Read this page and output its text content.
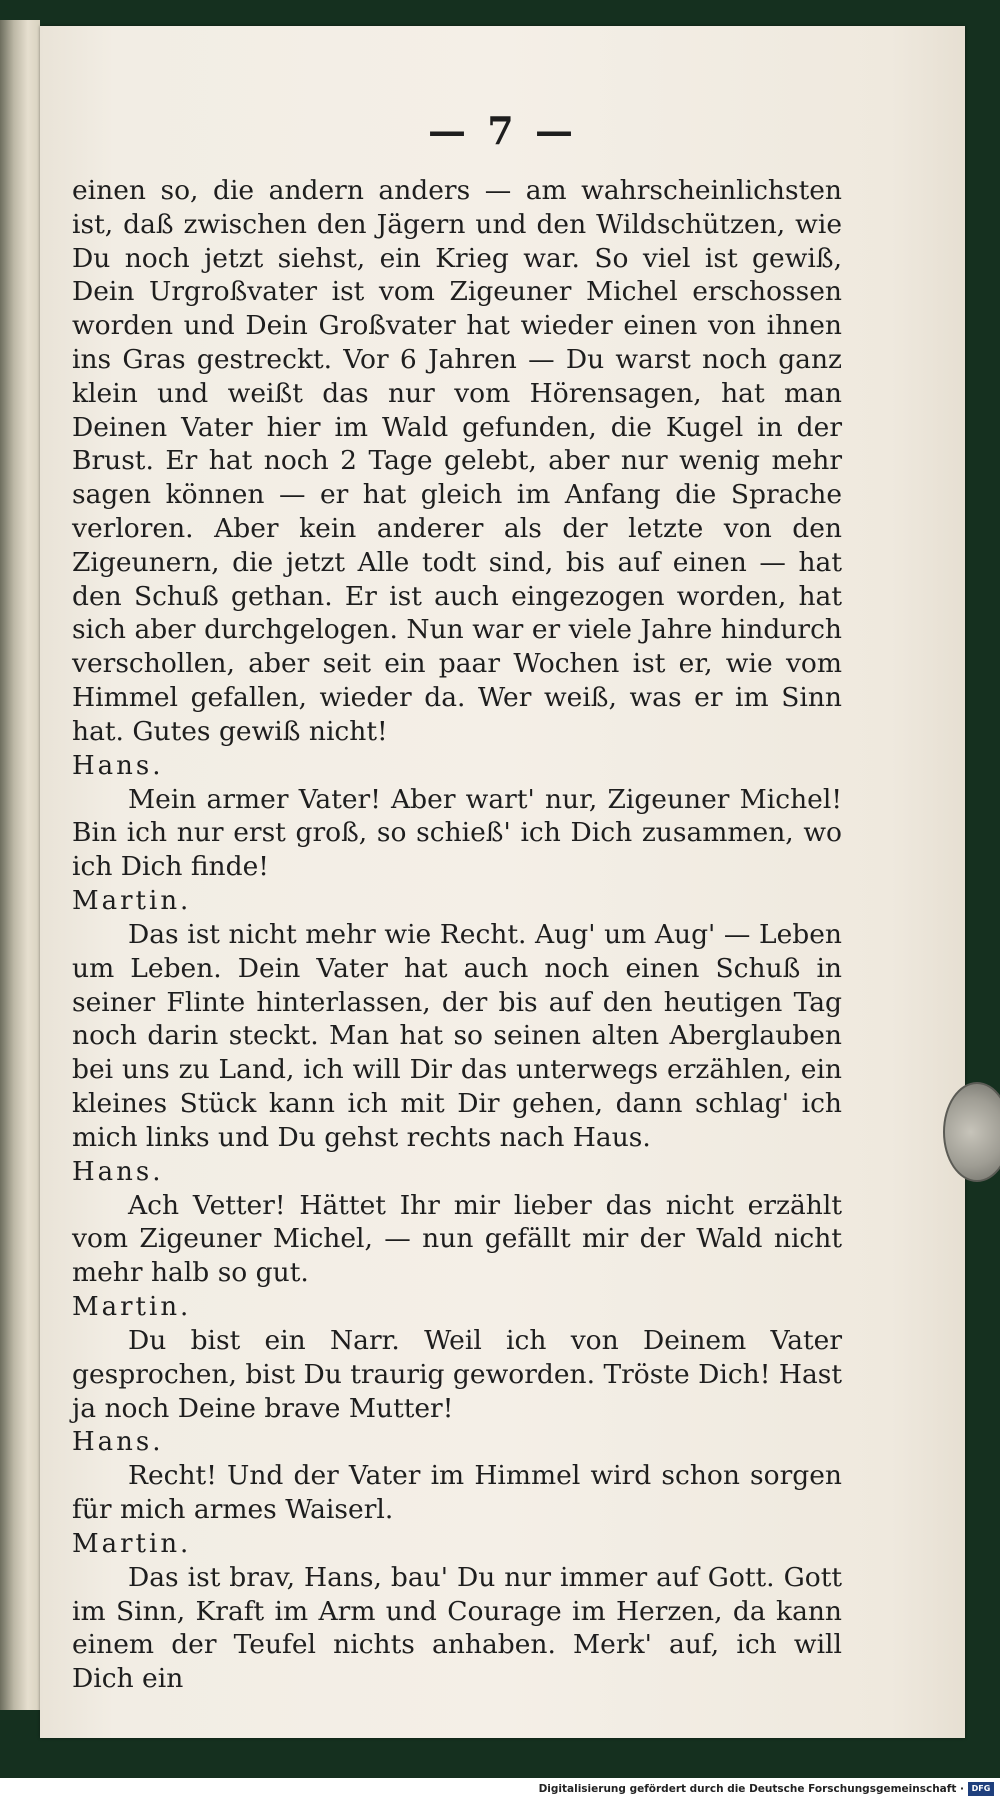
— 7 —

einen so, die andern anders — am wahrscheinlichsten ist, daß zwischen den Jägern und den Wildschützen, wie Du noch jetzt siehst, ein Krieg war. So viel ist gewiß, Dein Urgroßvater ist vom Zigeuner Michel erschossen worden und Dein Großvater hat wieder einen von ihnen ins Gras gestreckt. Vor 6 Jahren — Du warst noch ganz klein und weißt das nur vom Hörensagen, hat man Deinen Vater hier im Wald gefunden, die Kugel in der Brust. Er hat noch 2 Tage gelebt, aber nur wenig mehr sagen können — er hat gleich im Anfang die Sprache verloren. Aber kein anderer als der letzte von den Zigeunern, die jetzt Alle todt sind, bis auf einen — hat den Schuß gethan. Er ist auch eingezogen worden, hat sich aber durchgelogen. Nun war er viele Jahre hindurch verschollen, aber seit ein paar Wochen ist er, wie vom Himmel gefallen, wieder da. Wer weiß, was er im Sinn hat. Gutes gewiß nicht!

Hans.

Mein armer Vater! Aber wart' nur, Zigeuner Michel! Bin ich nur erst groß, so schieß' ich Dich zusammen, wo ich Dich finde!

Martin.

Das ist nicht mehr wie Recht. Aug' um Aug' — Leben um Leben. Dein Vater hat auch noch einen Schuß in seiner Flinte hinterlassen, der bis auf den heutigen Tag noch darin steckt. Man hat so seinen alten Aberglauben bei uns zu Land, ich will Dir das unterwegs erzählen, ein kleines Stück kann ich mit Dir gehen, dann schlag' ich mich links und Du gehst rechts nach Haus.

Hans.

Ach Vetter! Hättet Ihr mir lieber das nicht erzählt vom Zigeuner Michel, — nun gefällt mir der Wald nicht mehr halb so gut.

Martin.

Du bist ein Narr. Weil ich von Deinem Vater gesprochen, bist Du traurig geworden. Tröste Dich! Hast ja noch Deine brave Mutter!

Hans.

Recht! Und der Vater im Himmel wird schon sorgen für mich armes Waiserl.

Martin.

Das ist brav, Hans, bau' Du nur immer auf Gott. Gott im Sinn, Kraft im Arm und Courage im Herzen, da kann einem der Teufel nichts anhaben. Merk' auf, ich will Dich ein

Digitalisierung gefördert durch die Deutsche Forschungsgemeinschaft · DFG
